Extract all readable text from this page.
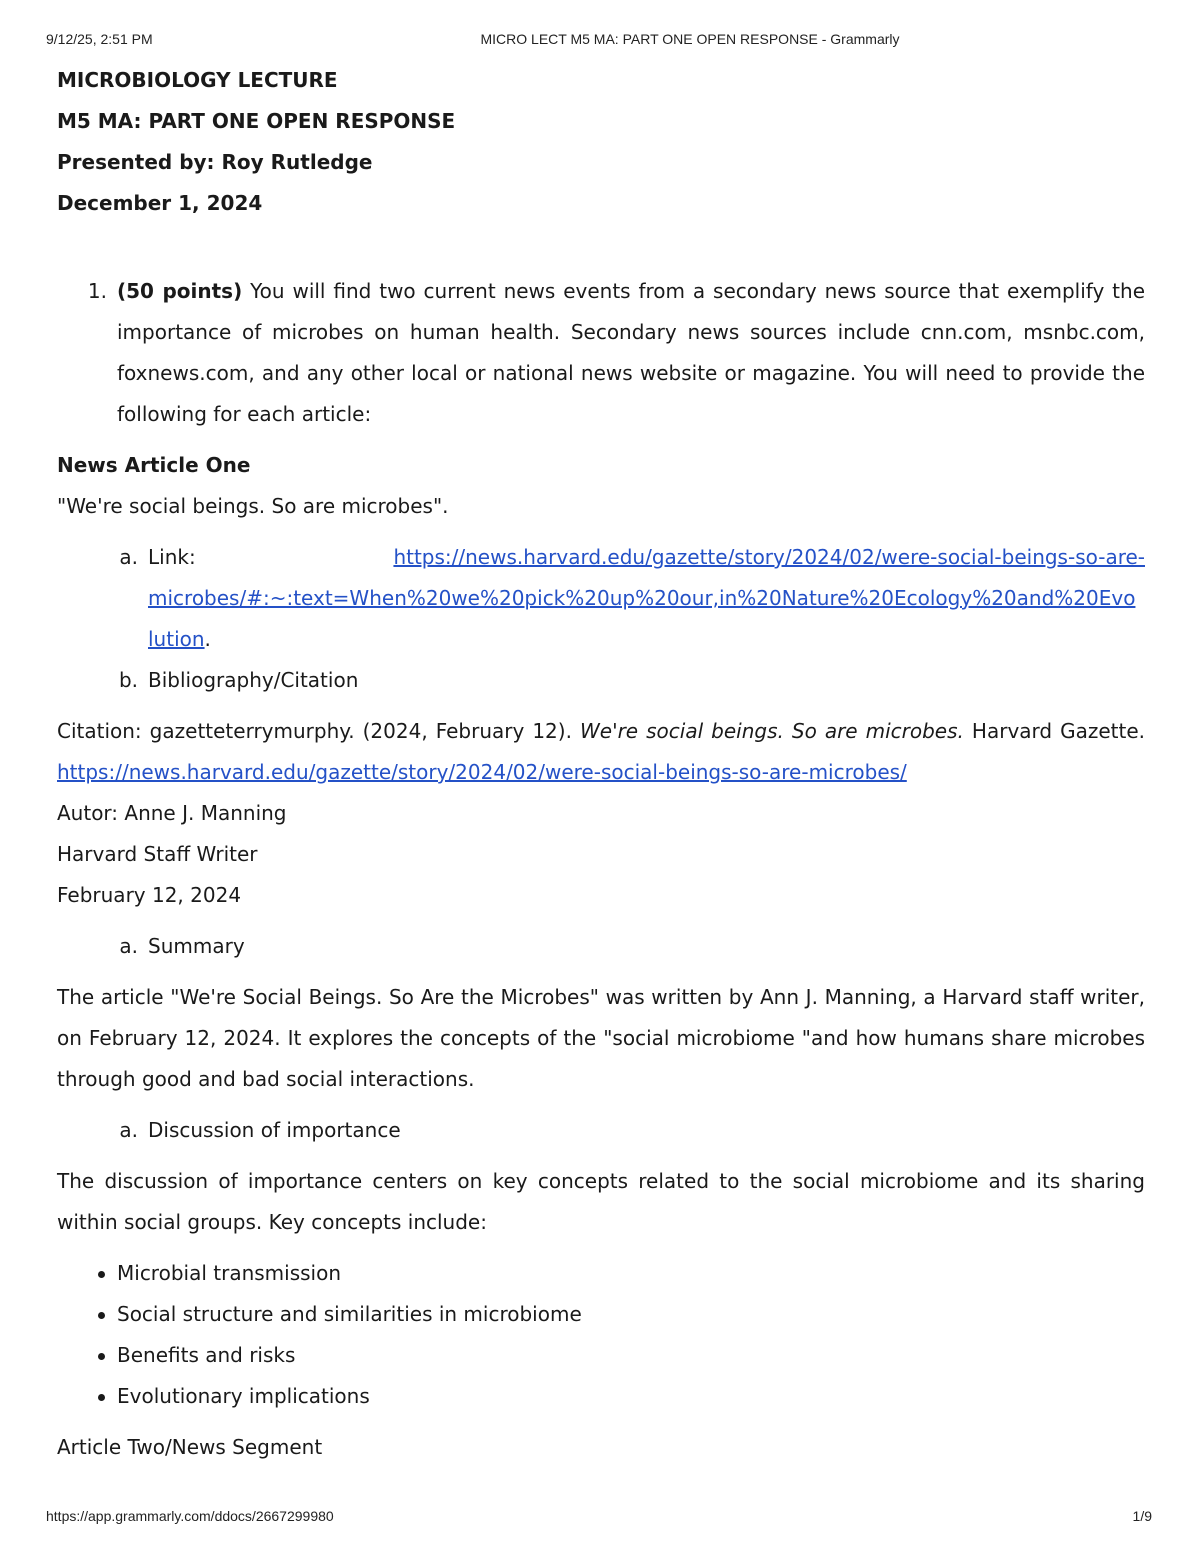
9/12/25, 2:51 PM	MICRO LECT M5 MA: PART ONE OPEN RESPONSE - Grammarly

MICROBIOLOGY LECTURE

M5 MA: PART ONE OPEN RESPONSE

Presented by: Roy Rutledge

December 1, 2024

1. (50 points) You will find two current news events from a secondary news source that exemplify the importance of microbes on human health. Secondary news sources include cnn.com, msnbc.com, foxnews.com, and any other local or national news website or magazine. You will need to provide the following for each article:

News Article One

"We're social beings. So are microbes".

a. Link:	https://news.harvard.edu/gazette/story/2024/02/were-social-beings-so-are-
microbes/#:~:text=When%20we%20pick%20up%20our,in%20Nature%20Ecology%20and%20Evo
lution.
b. Bibliography/Citation

Citation: gazetteterrymurphy. (2024, February 12). We're social beings. So are microbes. Harvard Gazette. https://news.harvard.edu/gazette/story/2024/02/were-social-beings-so-are-microbes/

Autor: Anne J. Manning

Harvard Staff Writer

February 12, 2024

a. Summary

The article "We're Social Beings. So Are the Microbes" was written by Ann J. Manning, a Harvard staff writer, on February 12, 2024. It explores the concepts of the "social microbiome "and how humans share microbes through good and bad social interactions.

a. Discussion of importance

The discussion of importance centers on key concepts related to the social microbiome and its sharing within social groups. Key concepts include:

Microbial transmission
Social structure and similarities in microbiome
Benefits and risks
Evolutionary implications

Article Two/News Segment

https://app.grammarly.com/ddocs/2667299980	1/9
